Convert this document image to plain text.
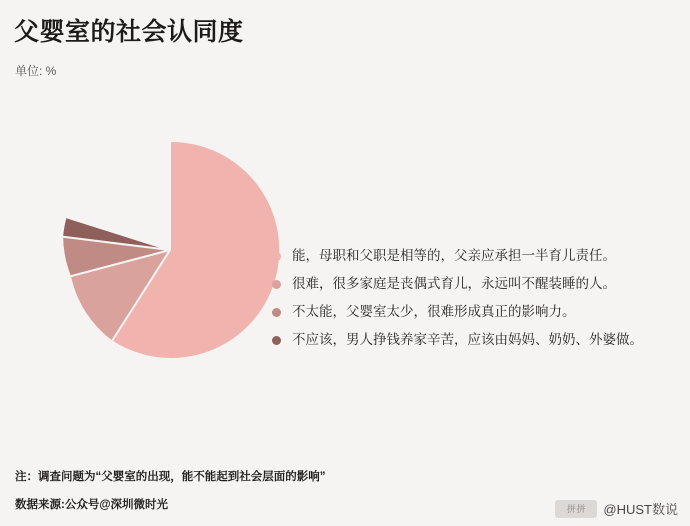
父婴室的社会认同度
单位: %
能，母职和父职是相等的，父亲应承担一半育儿责任。
很难，很多家庭是丧偶式育儿，永远叫不醒装睡的人。
不太能，父婴室太少，很难形成真正的影响力。
不应该，男人挣钱养家辛苦，应该由妈妈、奶奶、外婆做。
注：调查问题为“父婴室的出现，能不能起到社会层面的影响”
数据来源:公众号@深圳微时光	拼拼	@HUST数说
